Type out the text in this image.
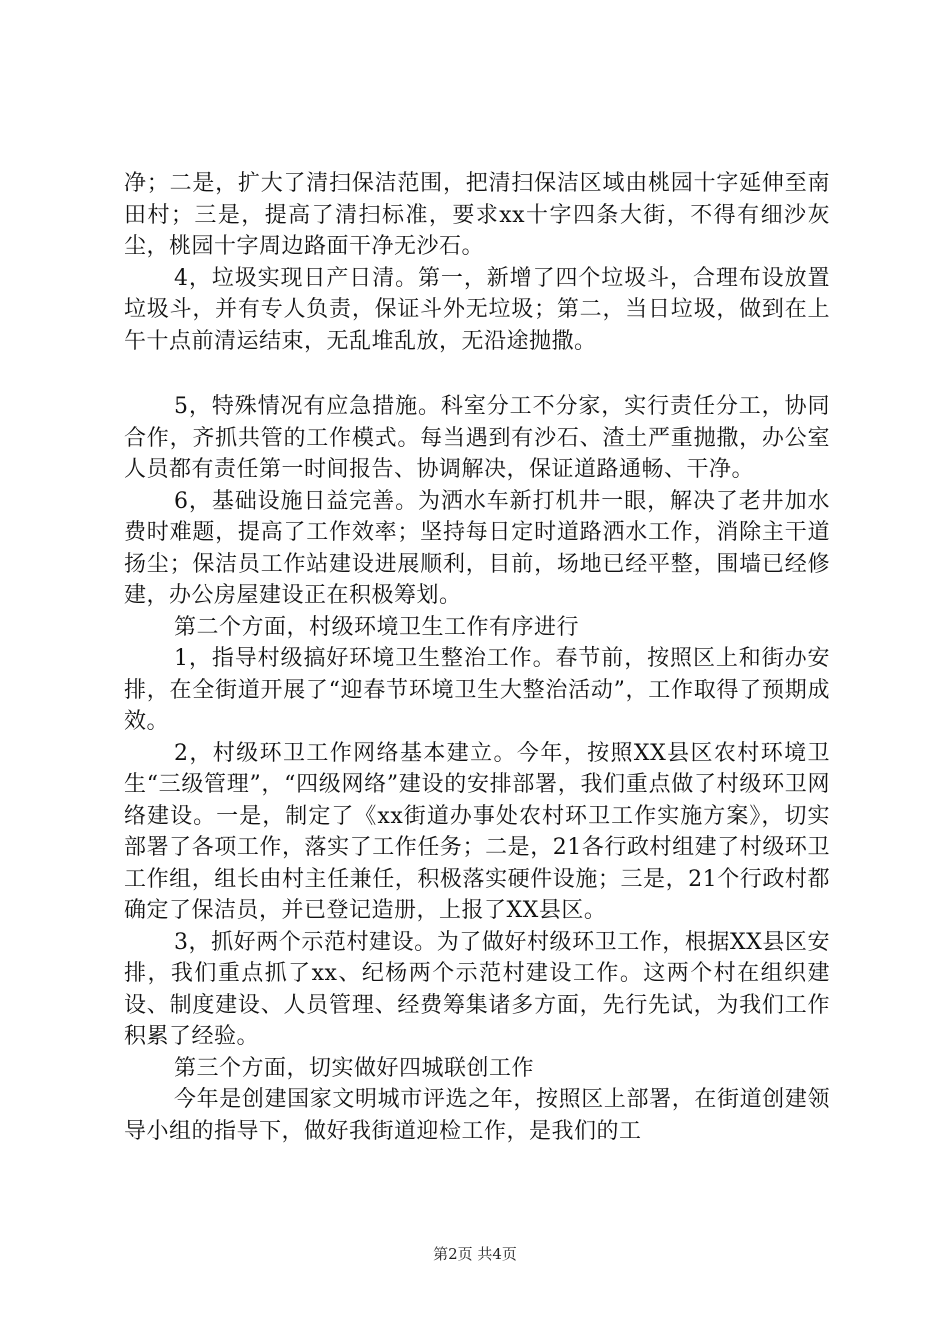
净；二是，扩大了清扫保洁范围，把清扫保洁区域由桃园十字延伸至南田村；三是，提高了清扫标准，要求xx十字四条大街，不得有细沙灰尘，桃园十字周边路面干净无沙石。

4，垃圾实现日产日清。第一，新增了四个垃圾斗，合理布设放置垃圾斗，并有专人负责，保证斗外无垃圾；第二，当日垃圾，做到在上午十点前清运结束，无乱堆乱放，无沿途抛撒。

5，特殊情况有应急措施。科室分工不分家，实行责任分工，协同合作，齐抓共管的工作模式。每当遇到有沙石、渣土严重抛撒，办公室人员都有责任第一时间报告、协调解决，保证道路通畅、干净。

6，基础设施日益完善。为洒水车新打机井一眼，解决了老井加水费时难题，提高了工作效率；坚持每日定时道路洒水工作，消除主干道扬尘；保洁员工作站建设进展顺利，目前，场地已经平整，围墙已经修建，办公房屋建设正在积极筹划。

第二个方面，村级环境卫生工作有序进行

1，指导村级搞好环境卫生整治工作。春节前，按照区上和街办安排，在全街道开展了“迎春节环境卫生大整治活动”，工作取得了预期成效。

2，村级环卫工作网络基本建立。今年，按照XX县区农村环境卫生“三级管理”，“四级网络”建设的安排部署，我们重点做了村级环卫网络建设。一是，制定了《xx街道办事处农村环卫工作实施方案》，切实部署了各项工作，落实了工作任务；二是，21各行政村组建了村级环卫工作组，组长由村主任兼任，积极落实硬件设施；三是，21个行政村都确定了保洁员，并已登记造册，上报了XX县区。

3，抓好两个示范村建设。为了做好村级环卫工作，根据XX县区安排，我们重点抓了xx、纪杨两个示范村建设工作。这两个村在组织建设、制度建设、人员管理、经费筹集诸多方面，先行先试，为我们工作积累了经验。

第三个方面，切实做好四城联创工作

今年是创建国家文明城市评选之年，按照区上部署，在街道创建领导小组的指导下，做好我街道迎检工作，是我们的工

第2页 共4页
